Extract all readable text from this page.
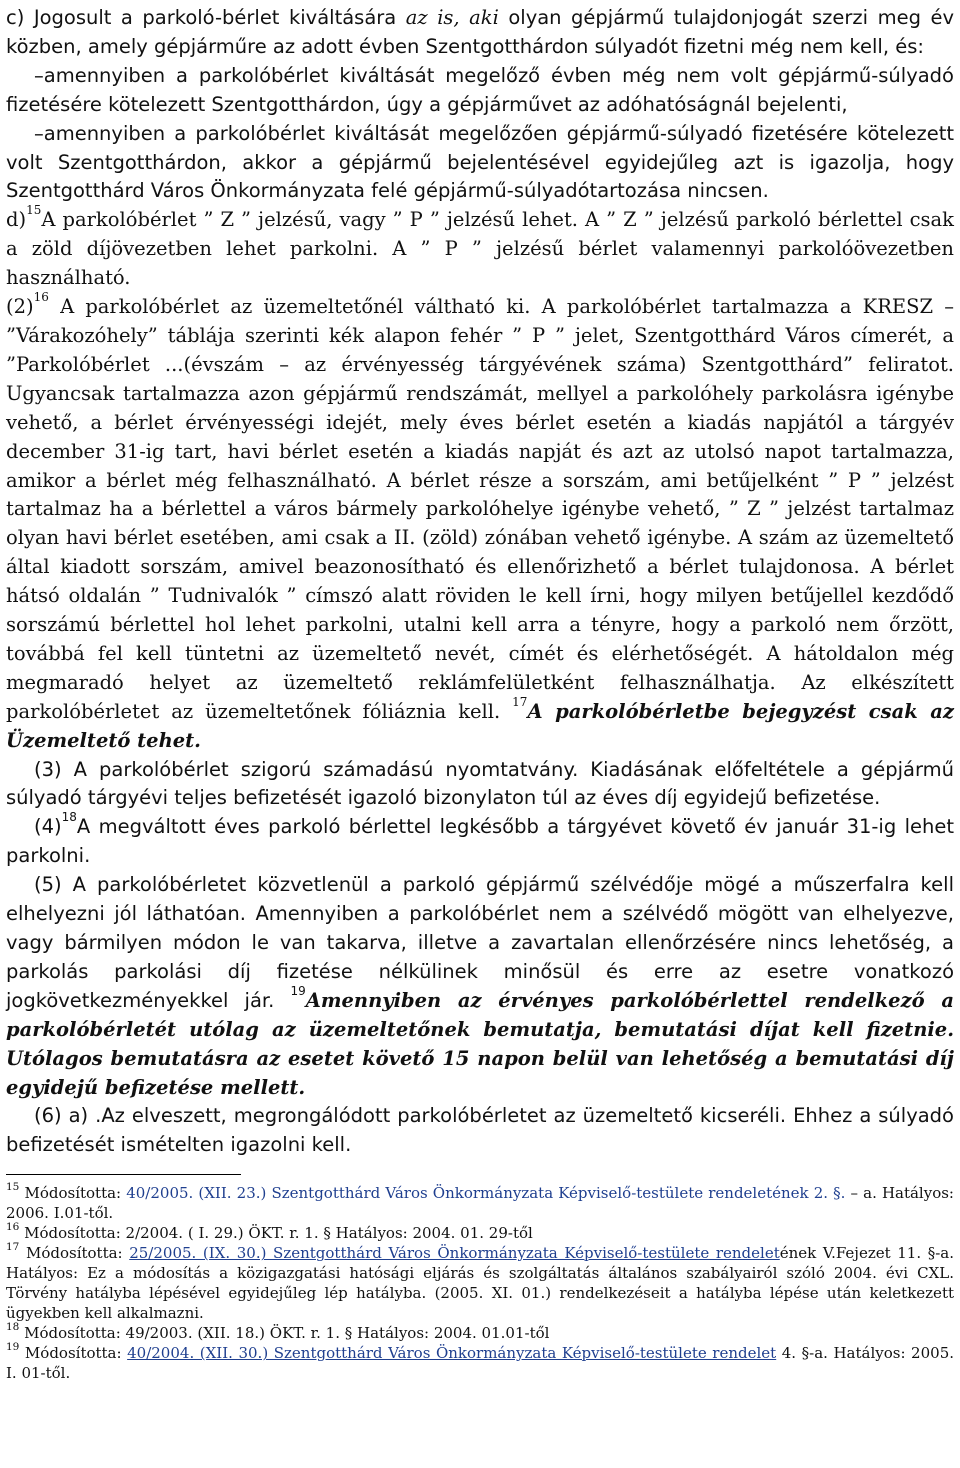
c) Jogosult a parkoló-bérlet kiváltására az is, aki olyan gépjármű tulajdonjogát szerzi meg év közben, amely gépjárműre az adott évben Szentgotthárdon súlyadót fizetni még nem kell, és:

–amennyiben a parkolóbérlet kiváltását megelőző évben még nem volt gépjármű-súlyadó fizetésére kötelezett Szentgotthárdon, úgy a gépjárművet az adóhatóságnál bejelenti,

–amennyiben a parkolóbérlet kiváltását megelőzően gépjármű-súlyadó fizetésére kötelezett volt Szentgotthárdon, akkor a gépjármű bejelentésével egyidejűleg azt is igazolja, hogy Szentgotthárd Város Önkormányzata felé gépjármű-súlyadótartozása nincsen.

d)$^{15}$A parkolóbérlet ” Z ” jelzésű, vagy ” P ” jelzésű lehet. A ” Z ” jelzésű parkoló bérlettel csak a zöld díjövezetben lehet parkolni. A ” P ” jelzésű bérlet valamennyi parkolóövezetben használható.

(2)$^{16}$ A parkolóbérlet az üzemeltetőnél váltható ki. A parkolóbérlet tartalmazza a KRESZ – ”Várakozóhely” táblája szerinti kék alapon fehér ” P ” jelet, Szentgotthárd Város címerét, a ”Parkolóbérlet ...(évszám – az érvényesség tárgyévének száma) Szentgotthárd” feliratot. Ugyancsak tartalmazza azon gépjármű rendszámát, mellyel a parkolóhely parkolásra igénybe vehető, a bérlet érvényességi idejét, mely éves bérlet esetén a kiadás napjától a tárgyév december 31-ig tart, havi bérlet esetén a kiadás napját és azt az utolsó napot tartalmazza, amikor a bérlet még felhasználható. A bérlet része a sorszám, ami betűjelként ” P ” jelzést tartalmaz ha a bérlettel a város bármely parkolóhelye igénybe vehető, ” Z ” jelzést tartalmaz olyan havi bérlet esetében, ami csak a II. (zöld) zónában vehető igénybe. A szám az üzemeltető által kiadott sorszám, amivel beazonosítható és ellenőrizhető a bérlet tulajdonosa. A bérlet hátsó oldalán ” Tudnivalók ” címszó alatt röviden le kell írni, hogy milyen betűjellel kezdődő sorszámú bérlettel hol lehet parkolni, utalni kell arra a tényre, hogy a parkoló nem őrzött, továbbá fel kell tüntetni az üzemeltető nevét, címét és elérhetőségét. A hátoldalon még megmaradó helyet az üzemeltető reklámfelületként felhasználhatja. Az elkészített parkolóbérletet az üzemeltetőnek fóliáznia kell. $^{17}$A parkolóbérletbe bejegyzést csak az Üzemeltető tehet.

(3) A parkolóbérlet szigorú számadású nyomtatvány. Kiadásának előfeltétele a gépjármű súlyadó tárgyévi teljes befizetését igazoló bizonylaton túl az éves díj egyidejű befizetése.

(4)$^{18}$A megváltott éves parkoló bérlettel legkésőbb a tárgyévet követő év január 31-ig lehet parkolni.

(5) A parkolóbérletet közvetlenül a parkoló gépjármű szélvédője mögé a műszerfalra kell elhelyezni jól láthatóan. Amennyiben a parkolóbérlet nem a szélvédő mögött van elhelyezve, vagy bármilyen módon le van takarva, illetve a zavartalan ellenőrzésére nincs lehetőség, a parkolás parkolási díj fizetése nélkülinek minősül és erre az esetre vonatkozó jogkövetkezményekkel jár. $^{19}$Amennyiben az érvényes parkolóbérlettel rendelkező a parkolóbérletét utólag az üzemeltetőnek bemutatja, bemutatási díjat kell fizetnie. Utólagos bemutatásra az esetet követő 15 napon belül van lehetőség a bemutatási díj egyidejű befizetése mellett.

(6) a) .Az elveszett, megrongálódott parkolóbérletet az üzemeltető kicseréli. Ehhez a súlyadó befizetését ismételten igazolni kell.

$^{15}$ Módosította: 40/2005. (XII. 23.) Szentgotthárd Város Önkormányzata Képviselő-testülete rendeletének 2. §. – a. Hatályos: 2006. I.01-től.

$^{16}$ Módosította: 2/2004. ( I. 29.) ÖKT. r. 1. § Hatályos: 2004. 01. 29-től

$^{17}$ Módosította: 25/2005. (IX. 30.) Szentgotthárd Város Önkormányzata Képviselő-testülete rendeletének V.Fejezet 11. §-a. Hatályos: Ez a módosítás a közigazgatási hatósági eljárás és szolgáltatás általános szabályairól szóló 2004. évi CXL. Törvény hatályba lépésével egyidejűleg lép hatályba. (2005. XI. 01.) rendelkezéseit a hatályba lépése után keletkezett ügyekben kell alkalmazni.

$^{18}$ Módosította: 49/2003. (XII. 18.) ÖKT. r. 1. § Hatályos: 2004. 01.01-től

$^{19}$ Módosította: 40/2004. (XII. 30.) Szentgotthárd Város Önkormányzata Képviselő-testülete rendelet 4. §-a. Hatályos: 2005. I. 01-től.
